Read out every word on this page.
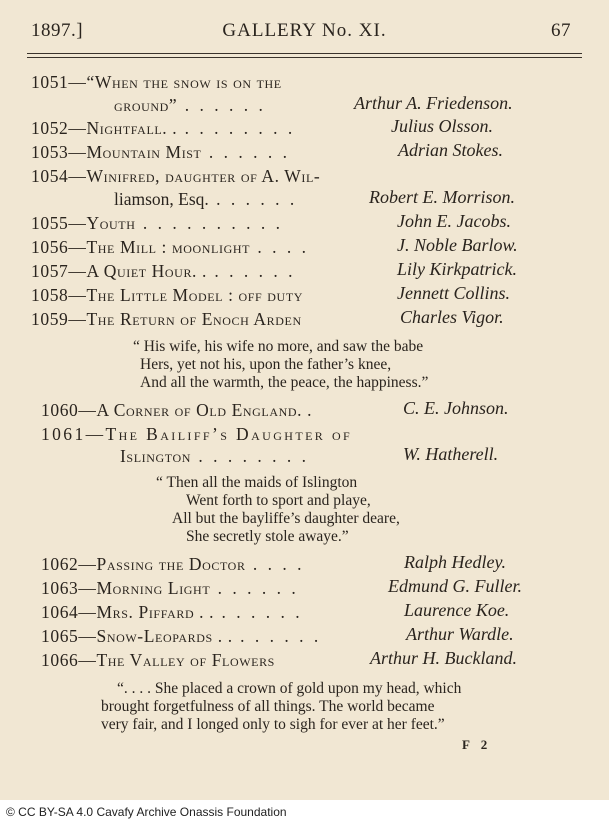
1897.]	GALLERY No. XI.	67
1051—“When the snow is on the
ground” . . . . . .	Arthur A. Friedenson.
1052—Nightfall. . . . . . . . . .	Julius Olsson.
1053—Mountain Mist . . . . . .	Adrian Stokes.
1054—Winifred, daughter of A. Wil-
liamson, Esq. . . . . . .	Robert E. Morrison.
1055—Youth . . . . . . . . . .	John E. Jacobs.
1056—The Mill : moonlight . . . .	J. Noble Barlow.
1057—A Quiet Hour. . . . . . . .	Lily Kirkpatrick.
1058—The Little Model : off duty	Jennett Collins.
1059—The Return of Enoch Arden	Charles Vigor.
“ His wife, his wife no more, and saw the babe
Hers, yet not his, upon the father’s knee,
And all the warmth, the peace, the happiness.”
1060—A Corner of Old England. .	C. E. Johnson.
1061—The Bailiff’s Daughter of
Islington . . . . . . . .	W. Hatherell.
“ Then all the maids of Islington
Went forth to sport and playe,
All but the bayliffe’s daughter deare,
She secretly stole awaye.”
1062—Passing the Doctor . . . .	Ralph Hedley.
1063—Morning Light . . . . . .	Edmund G. Fuller.
1064—Mrs. Piffard . . . . . . . .	Laurence Koe.
1065—Snow-Leopards . . . . . . . .	Arthur Wardle.
1066—The Valley of Flowers	Arthur H. Buckland.
“. . . . She placed a crown of gold upon my head, which
brought forgetfulness of all things. The world became
very fair, and I longed only to sigh for ever at her feet.”
F 2
© CC BY-SA 4.0 Cavafy Archive Onassis Foundation
